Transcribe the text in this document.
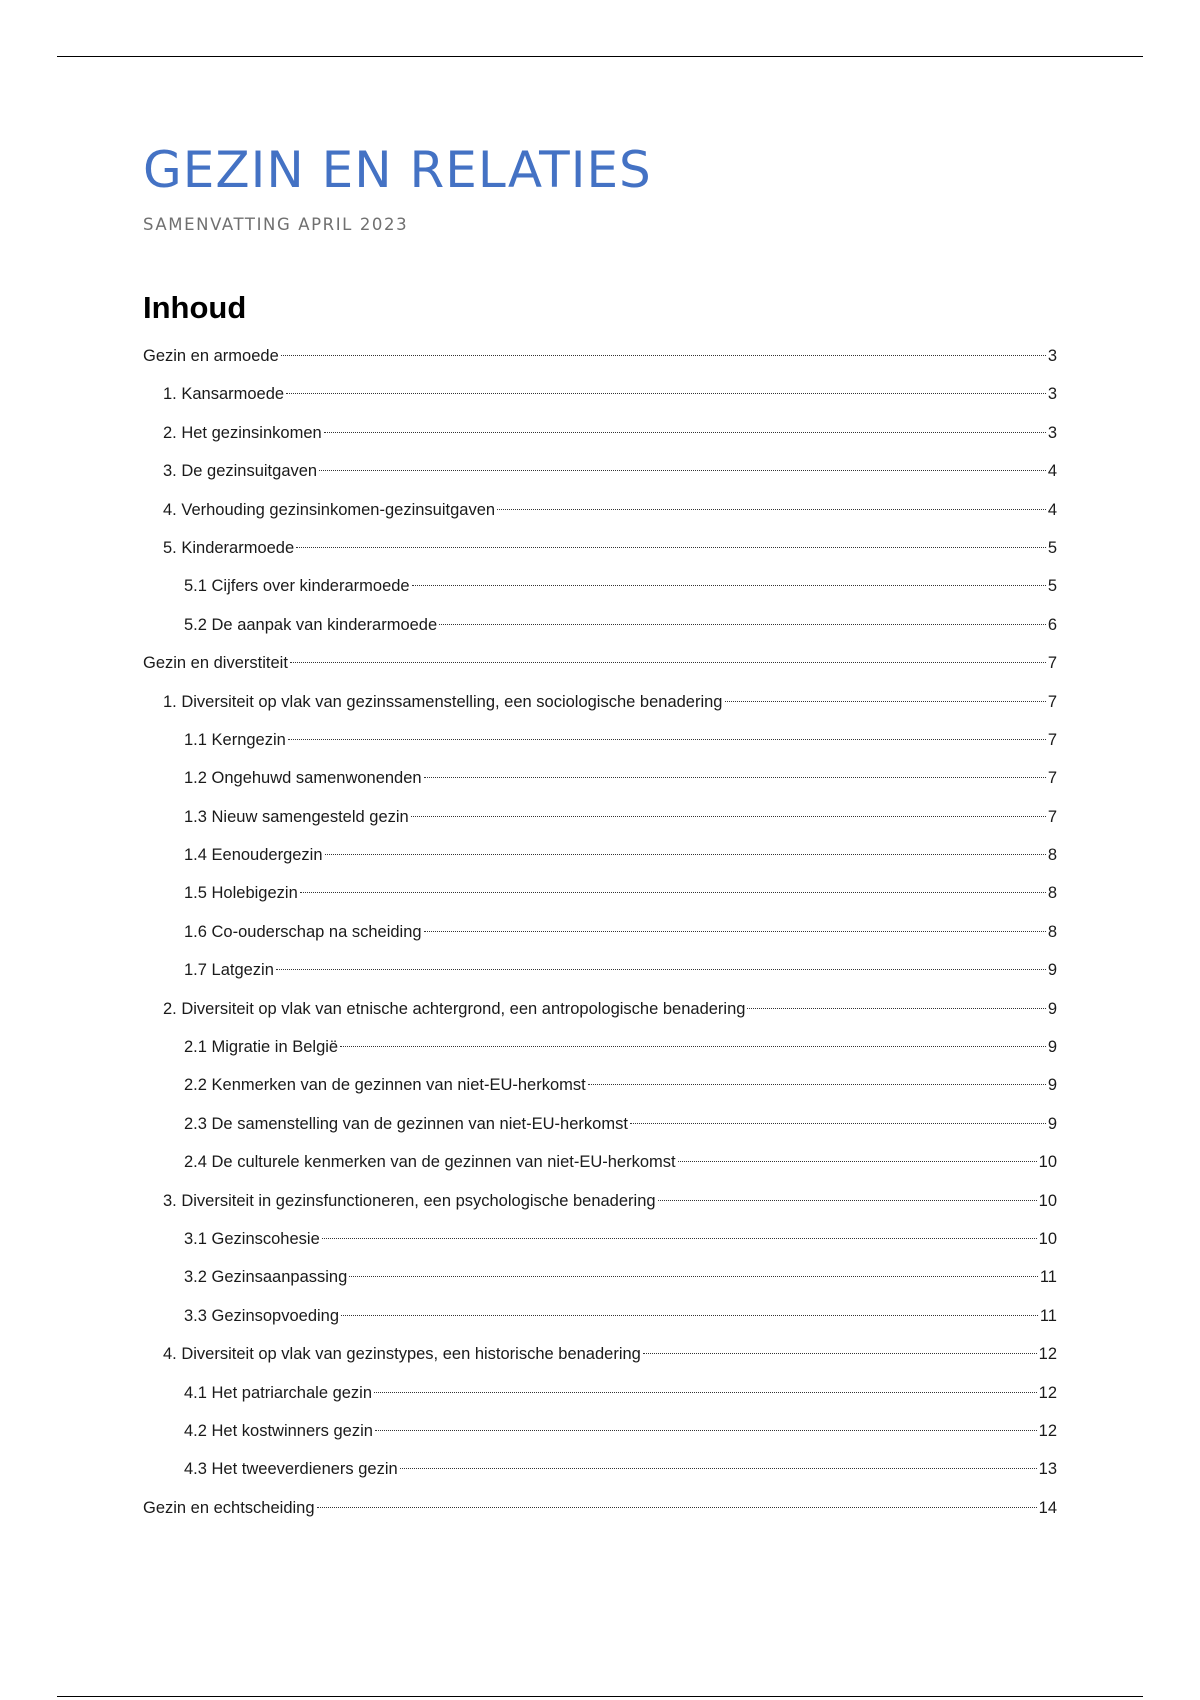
GEZIN EN RELATIES

SAMENVATTING APRIL 2023

Inhoud
Gezin en armoede	3
1. Kansarmoede	3
2. Het gezinsinkomen	3
3. De gezinsuitgaven	4
4. Verhouding gezinsinkomen-gezinsuitgaven	4
5. Kinderarmoede	5
5.1 Cijfers over kinderarmoede	5
5.2 De aanpak van kinderarmoede	6
Gezin en diverstiteit	7
1. Diversiteit op vlak van gezinssamenstelling, een sociologische benadering	7
1.1 Kerngezin	7
1.2 Ongehuwd samenwonenden	7
1.3 Nieuw samengesteld gezin	7
1.4 Eenoudergezin	8
1.5 Holebigezin	8
1.6 Co-ouderschap na scheiding	8
1.7 Latgezin	9
2. Diversiteit op vlak van etnische achtergrond, een antropologische benadering	9
2.1 Migratie in België	9
2.2 Kenmerken van de gezinnen van niet-EU-herkomst	9
2.3 De samenstelling van de gezinnen van niet-EU-herkomst	9
2.4 De culturele kenmerken van de gezinnen van niet-EU-herkomst	10
3. Diversiteit in gezinsfunctioneren, een psychologische benadering	10
3.1 Gezinscohesie	10
3.2 Gezinsaanpassing	11
3.3 Gezinsopvoeding	11
4. Diversiteit op vlak van gezinstypes, een historische benadering	12
4.1 Het patriarchale gezin	12
4.2 Het kostwinners gezin	12
4.3 Het tweeverdieners gezin	13
Gezin en echtscheiding	14
